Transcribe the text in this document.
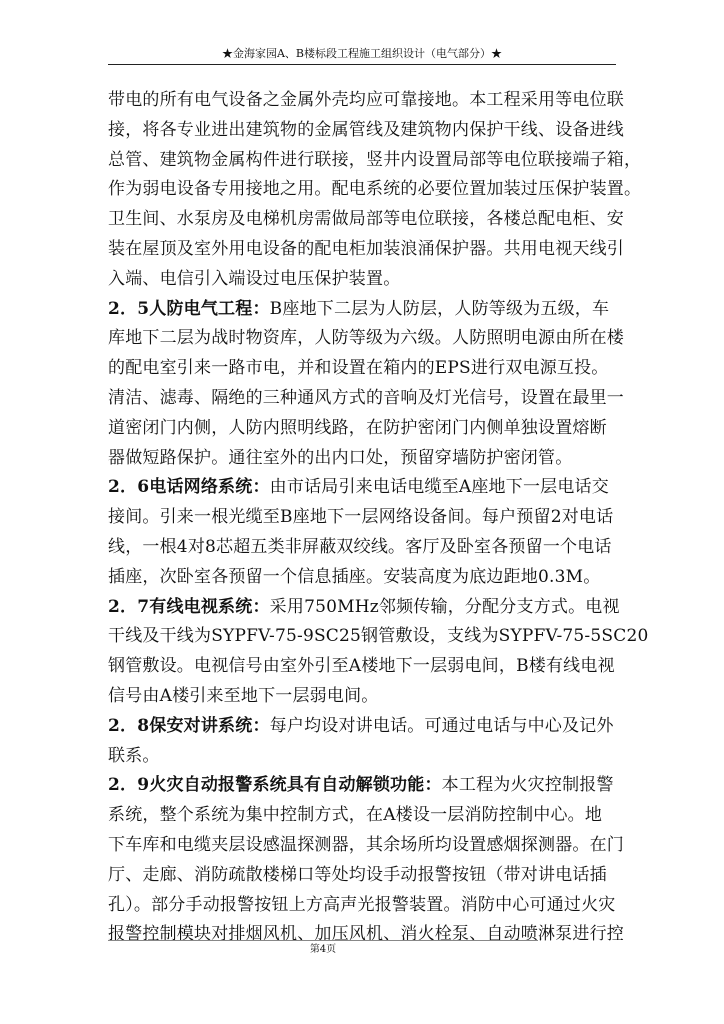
★金海家园A、B楼标段工程施工组织设计（电气部分）★
带电的所有电气设备之金属外壳均应可靠接地。本工程采用等电位联
接，将各专业进出建筑物的金属管线及建筑物内保护干线、设备进线
总管、建筑物金属构件进行联接，竖井内设置局部等电位联接端子箱，
作为弱电设备专用接地之用。配电系统的必要位置加装过压保护装置。
卫生间、水泵房及电梯机房需做局部等电位联接，各楼总配电柜、安
装在屋顶及室外用电设备的配电柜加装浪涌保护器。共用电视天线引
入端、电信引入端设过电压保护装置。
2．5人防电气工程：B座地下二层为人防层，人防等级为五级，车
库地下二层为战时物资库，人防等级为六级。人防照明电源由所在楼
的配电室引来一路市电，并和设置在箱内的EPS进行双电源互投。
清洁、滤毒、隔绝的三种通风方式的音响及灯光信号，设置在最里一
道密闭门内侧，人防内照明线路，在防护密闭门内侧单独设置熔断
器做短路保护。通往室外的出内口处，预留穿墙防护密闭管。
2．6电话网络系统：由市话局引来电话电缆至A座地下一层电话交
接间。引来一根光缆至B座地下一层网络设备间。每户预留2对电话
线，一根4对8芯超五类非屏蔽双绞线。客厅及卧室各预留一个电话
插座，次卧室各预留一个信息插座。安装高度为底边距地0.3M。
2．7有线电视系统：采用750MHz邻频传输，分配分支方式。电视
干线及干线为SYPFV-75-9SC25钢管敷设，支线为SYPFV-75-5SC20
钢管敷设。电视信号由室外引至A楼地下一层弱电间，B楼有线电视
信号由A楼引来至地下一层弱电间。
2．8保安对讲系统：每户均设对讲电话。可通过电话与中心及记外
联系。
2．9火灾自动报警系统具有自动解锁功能：本工程为火灾控制报警
系统，整个系统为集中控制方式，在A楼设一层消防控制中心。地
下车库和电缆夹层设感温探测器，其余场所均设置感烟探测器。在门
厅、走廊、消防疏散楼梯口等处均设手动报警按钮（带对讲电话插
孔）。部分手动报警按钮上方高声光报警装置。消防中心可通过火灾
报警控制模块对排烟风机、加压风机、消火栓泵、自动喷淋泵进行控
第4页
